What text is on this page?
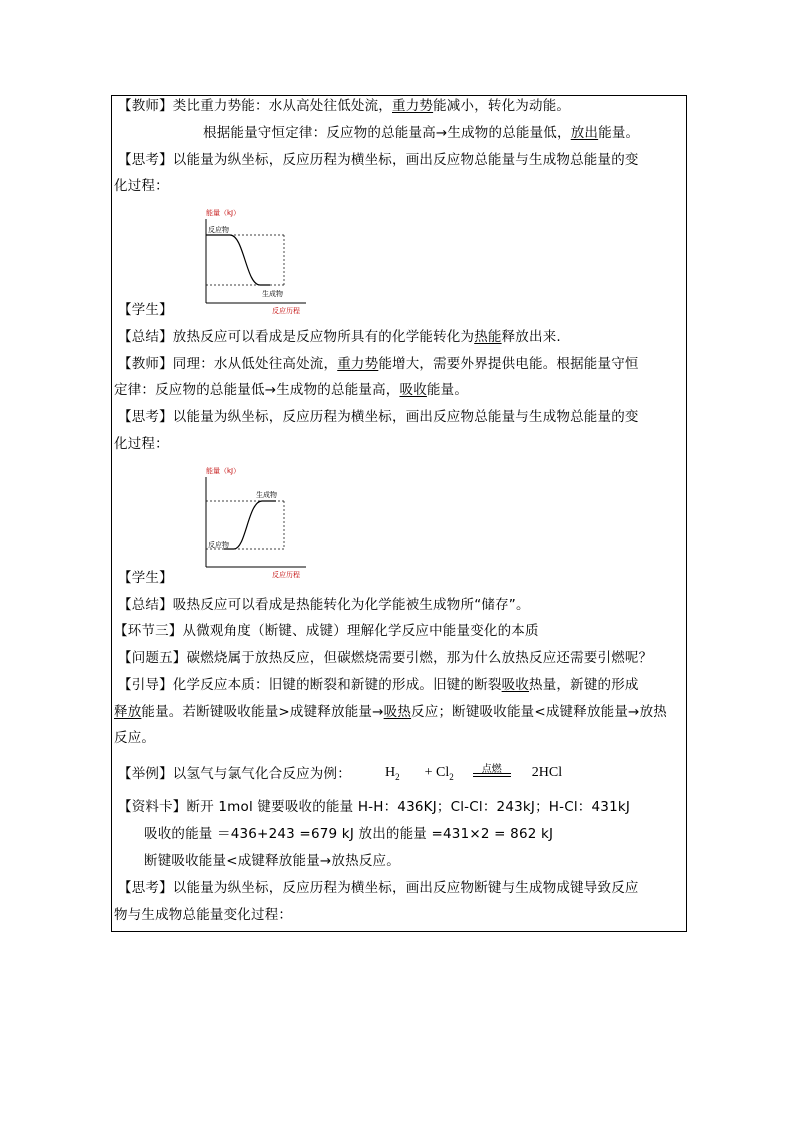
【教师】类比重力势能：水从高处往低处流，重力势能减小，转化为动能。
根据能量守恒定律：反应物的总能量高→生成物的总能量低，放出能量。
【思考】以能量为纵坐标，反应历程为横坐标，画出反应物总能量与生成物总能量的变
化过程：
能量（kJ）
反应物
生成物
反应历程
【学生】
【总结】放热反应可以看成是反应物所具有的化学能转化为热能释放出来.
【教师】同理：水从低处往高处流，重力势能增大，需要外界提供电能。根据能量守恒
定律：反应物的总能量低→生成物的总能量高，吸收能量。
【思考】以能量为纵坐标，反应历程为横坐标，画出反应物总能量与生成物总能量的变
化过程：
能量（kJ）
生成物
反应物
反应历程
【学生】
【总结】吸热反应可以看成是热能转化为化学能被生成物所“储存”。
【环节三】从微观角度（断键、成键）理解化学反应中能量变化的本质
【问题五】碳燃烧属于放热反应，但碳燃烧需要引燃，那为什么放热反应还需要引燃呢？
【引导】化学反应本质：旧键的断裂和新键的形成。旧键的断裂吸收热量，新键的形成
释放能量。若断键吸收能量>成键释放能量→吸热反应；断键吸收能量<成键释放能量→放热
反应。
【举例】以氢气与氯气化合反应为例： $H_2 + Cl_2$  点燃 2HCl
【资料卡】断开 1mol 键要吸收的能量 H-H：436KJ；Cl-Cl：243kJ；H-Cl：431kJ
吸收的能量 ＝436+243 =679 kJ 放出的能量 =431×2 = 862 kJ
断键吸收能量<成键释放能量→放热反应。
【思考】以能量为纵坐标，反应历程为横坐标，画出反应物断键与生成物成键导致反应
物与生成物总能量变化过程：
